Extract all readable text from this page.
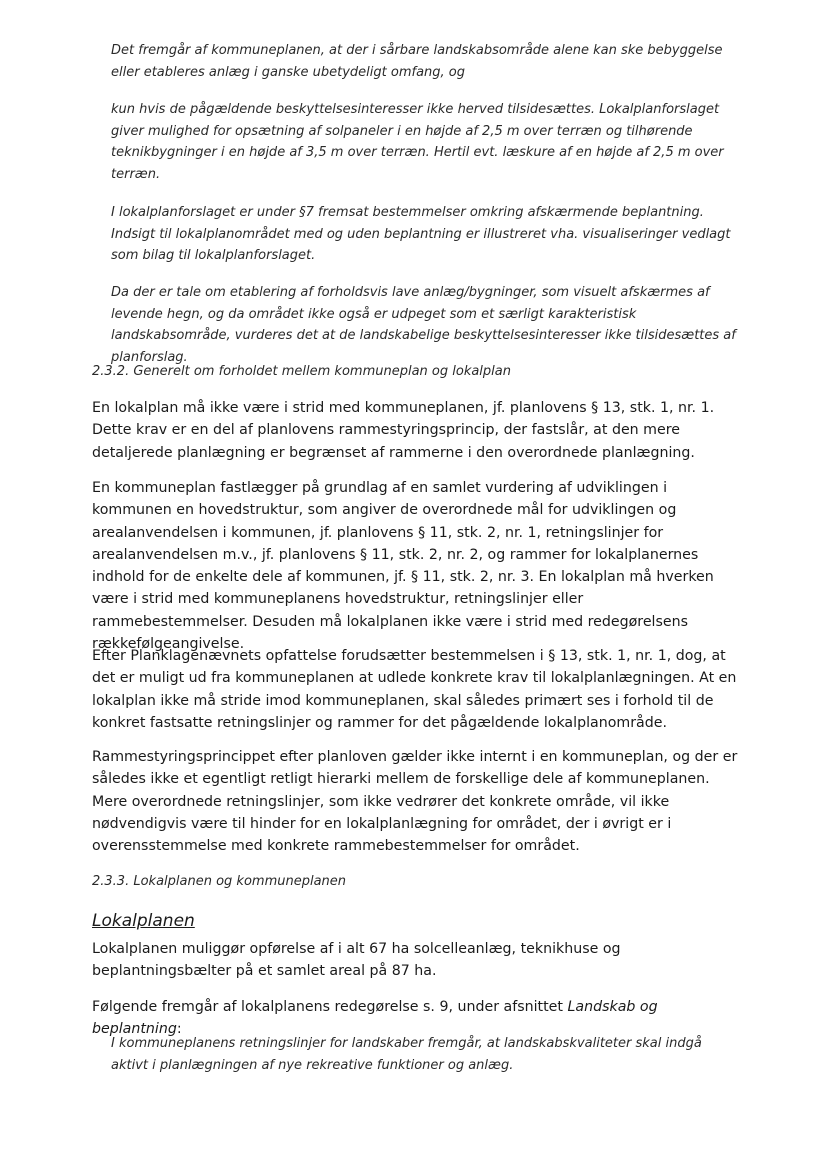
Det fremgår af kommuneplanen, at der i sårbare landskabsområde alene kan ske bebyggelse eller etableres anlæg i ganske ubetydeligt omfang, og

kun hvis de pågældende beskyttelsesinteresser ikke herved tilsidesættes. Lokalplanforslaget giver mulighed for opsætning af solpaneler i en højde af 2,5 m over terræn og tilhørende teknikbygninger i en højde af 3,5 m over terræn. Hertil evt. læskure af en højde af 2,5 m over terræn.

I lokalplanforslaget er under §7 fremsat bestemmelser omkring afskærmende beplantning. Indsigt til lokalplanområdet med og uden beplantning er illustreret vha. visualiseringer vedlagt som bilag til lokalplanforslaget.

Da der er tale om etablering af forholdsvis lave anlæg/bygninger, som visuelt afskærmes af levende hegn, og da området ikke også er udpeget som et særligt karakteristisk landskabsområde, vurderes det at de landskabelige beskyttelsesinteresser ikke tilsidesættes af planforslag.

2.3.2. Generelt om forholdet mellem kommuneplan og lokalplan

En lokalplan må ikke være i strid med kommuneplanen, jf. planlovens § 13, stk. 1, nr. 1. Dette krav er en del af planlovens rammestyringsprincip, der fastslår, at den mere detaljerede planlægning er begrænset af rammerne i den overordnede planlægning.

En kommuneplan fastlægger på grundlag af en samlet vurdering af udviklingen i kommunen en hovedstruktur, som angiver de overordnede mål for udviklingen og arealanvendelsen i kommunen, jf. planlovens § 11, stk. 2, nr. 1, retningslinjer for arealanvendelsen m.v., jf. planlovens § 11, stk. 2, nr. 2, og rammer for lokalplanernes indhold for de enkelte dele af kommunen, jf. § 11, stk. 2, nr. 3. En lokalplan må hverken være i strid med kommuneplanens hovedstruktur, retningslinjer eller rammebestemmelser. Desuden må lokalplanen ikke være i strid med redegørelsens rækkefølgeangivelse.

Efter Planklagenævnets opfattelse forudsætter bestemmelsen i § 13, stk. 1, nr. 1, dog, at det er muligt ud fra kommuneplanen at udlede konkrete krav til lokalplanlægningen. At en lokalplan ikke må stride imod kommuneplanen, skal således primært ses i forhold til de konkret fastsatte retningslinjer og rammer for det pågældende lokalplanområde.

Rammestyringsprincippet efter planloven gælder ikke internt i en kommuneplan, og der er således ikke et egentligt retligt hierarki mellem de forskellige dele af kommuneplanen. Mere overordnede retningslinjer, som ikke vedrører det konkrete område, vil ikke nødvendigvis være til hinder for en lokalplanlægning for området, der i øvrigt er i overensstemmelse med konkrete rammebestemmelser for området.

2.3.3. Lokalplanen og kommuneplanen

Lokalplanen

Lokalplanen muliggør opførelse af i alt 67 ha solcelleanlæg, teknikhuse og beplantningsbælter på et samlet areal på 87 ha.

Følgende fremgår af lokalplanens redegørelse s. 9, under afsnittet Landskab og beplantning:

I kommuneplanens retningslinjer for landskaber fremgår, at landskabskvaliteter skal indgå aktivt i planlægningen af nye rekreative funktioner og anlæg.
